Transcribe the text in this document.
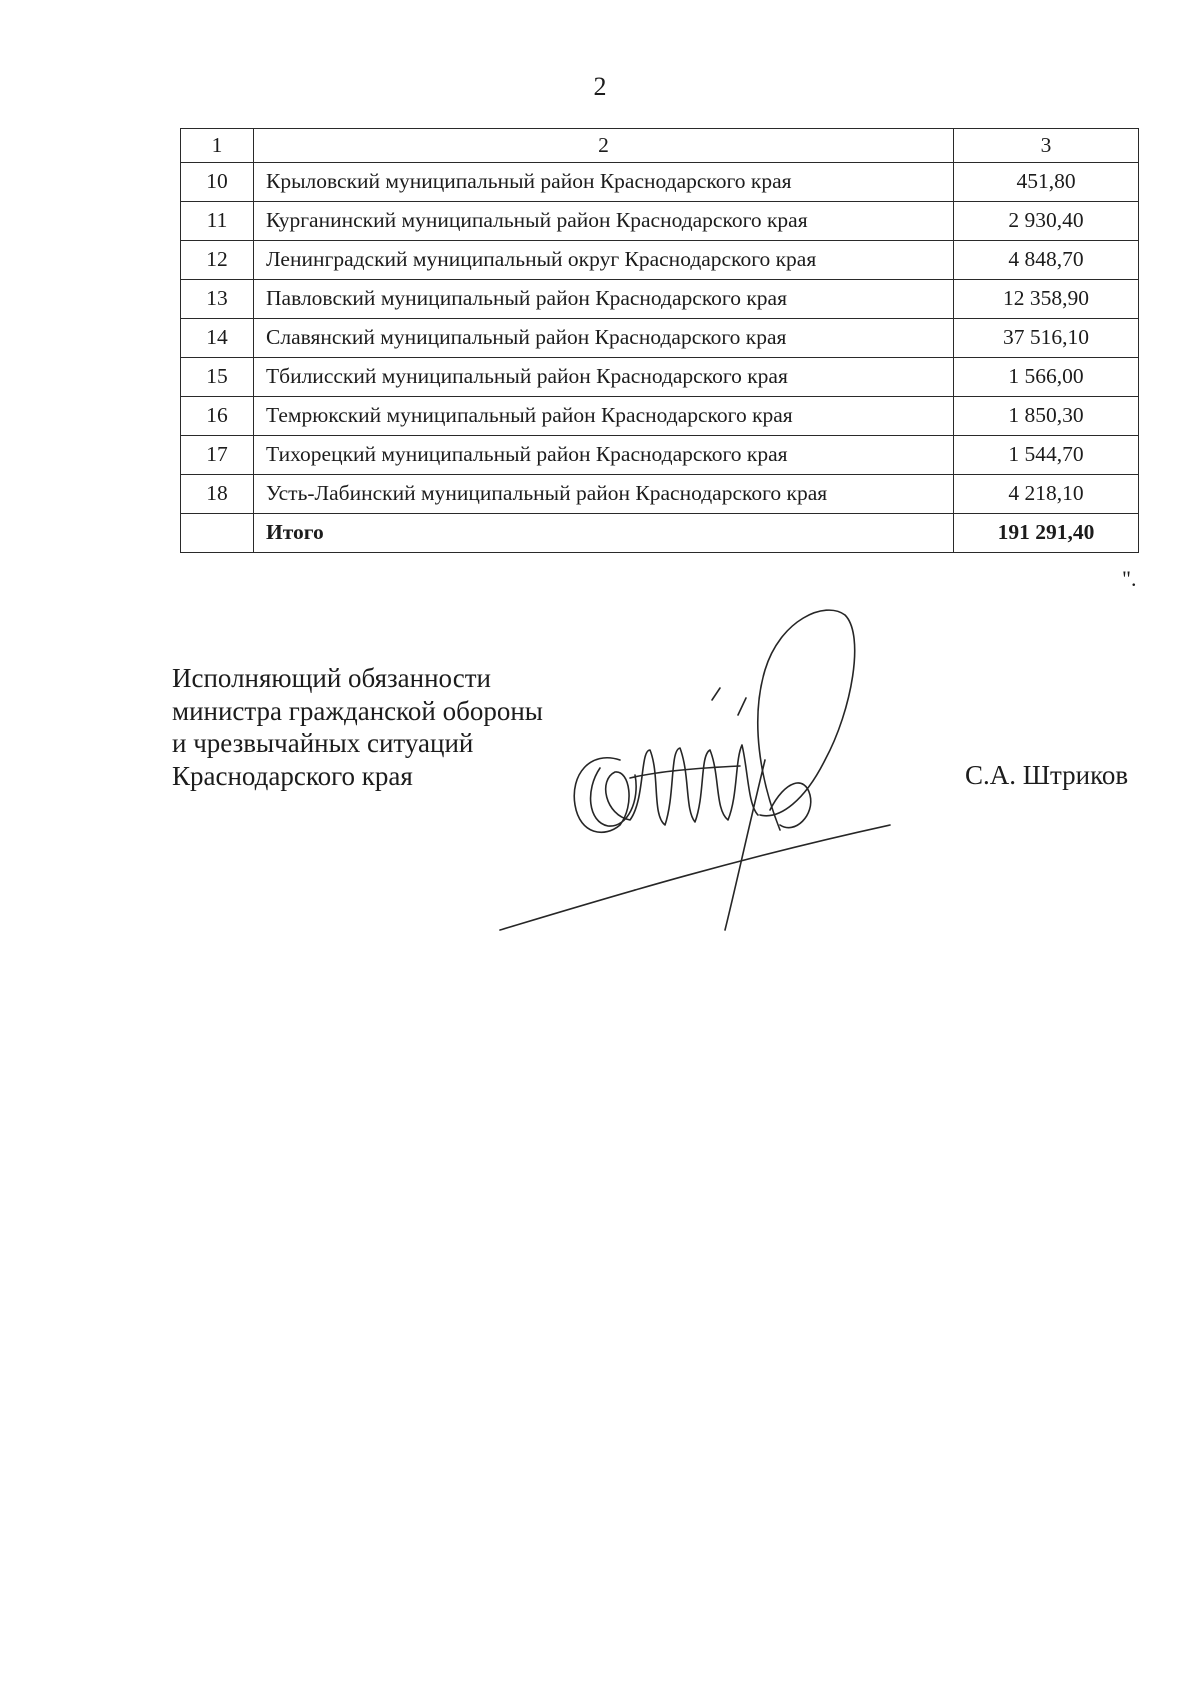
2
1	2	3
10	Крыловский муниципальный район Краснодарского края	451,80
11	Курганинский муниципальный район Краснодарского края	2 930,40
12	Ленинградский муниципальный округ Краснодарского края	4 848,70
13	Павловский муниципальный район Краснодарского края	12 358,90
14	Славянский муниципальный район Краснодарского края	37 516,10
15	Тбилисский муниципальный район Краснодарского края	1 566,00
16	Темрюкский муниципальный район Краснодарского края	1 850,30
17	Тихорецкий муниципальный район Краснодарского края	1 544,70
18	Усть-Лабинский муниципальный район Краснодарского края	4 218,10
	Итого	191 291,40
".
Исполняющий обязанности
министра гражданской обороны
и чрезвычайных ситуаций
Краснодарского края	С.А. Штриков
